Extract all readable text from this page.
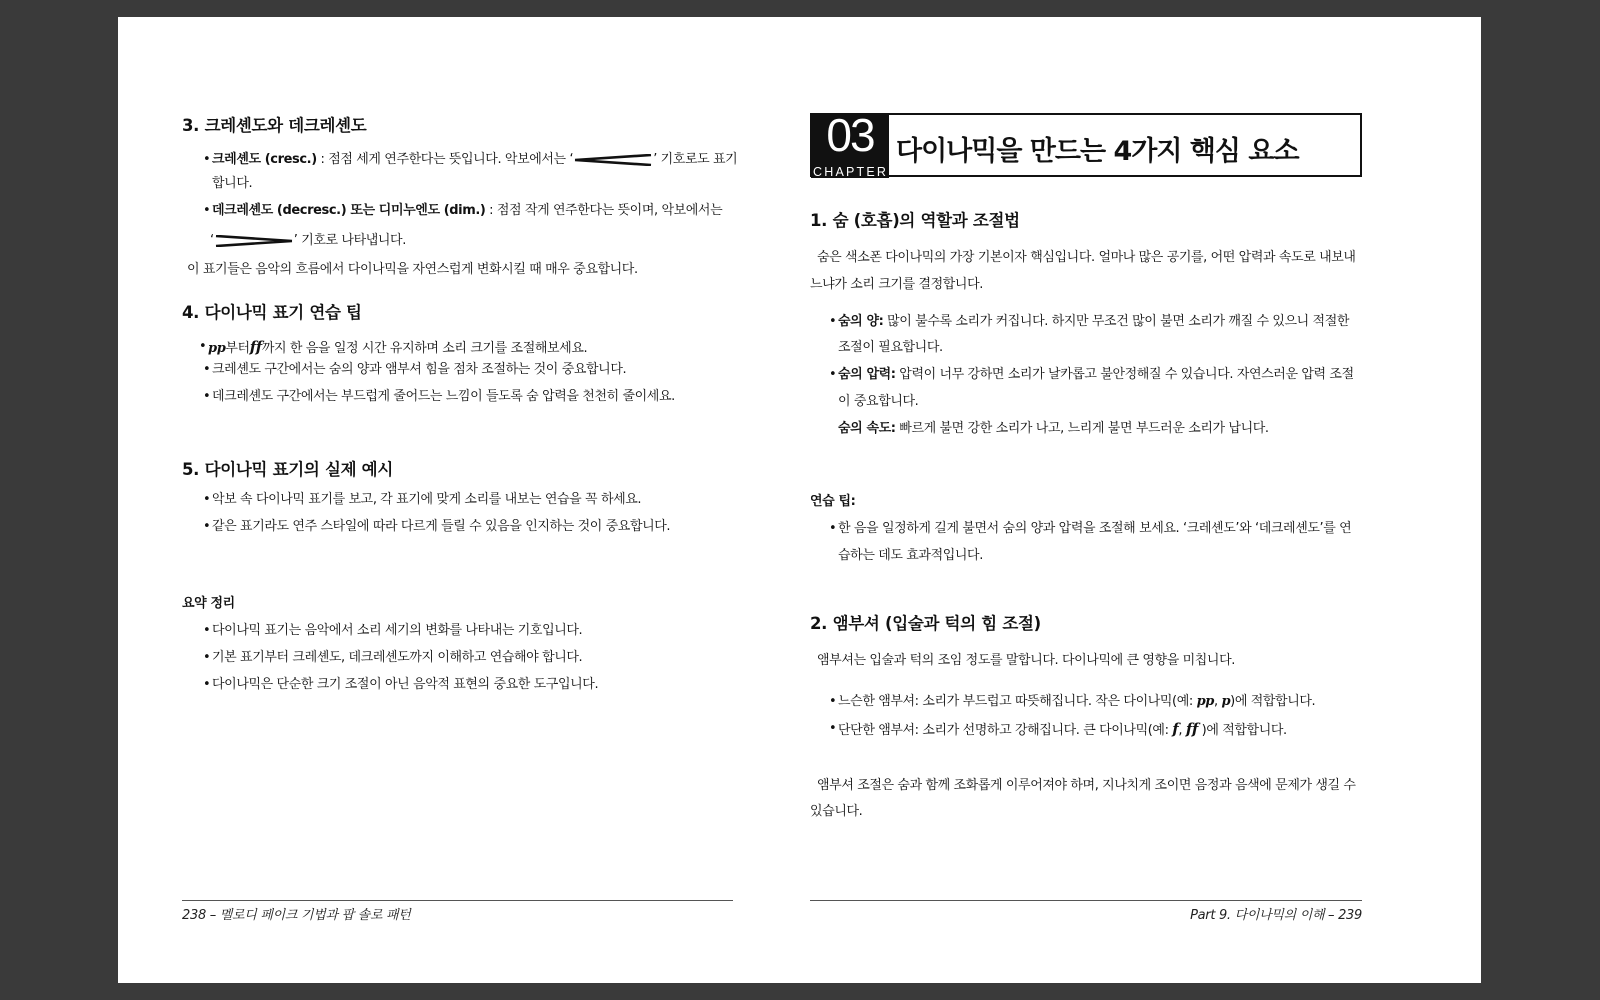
3. 크레셴도와 데크레셴도
• 크레셴도 (cresc.) : 점점 세게 연주한다는 뜻입니다. 악보에서는 ‘	’ 기호로도 표기
합니다.
• 데크레셴도 (decresc.) 또는 디미누엔도 (dim.) : 점점 작게 연주한다는 뜻이며, 악보에서는
‘	’ 기호로 나타냅니다.
이 표기들은 음악의 흐름에서 다이나믹을 자연스럽게 변화시킬 때 매우 중요합니다.
4. 다이나믹 표기 연습 팁
• pp부터ff까지 한 음을 일정 시간 유지하며 소리 크기를 조절해보세요.
• 크레셴도 구간에서는 숨의 양과 앰부셔 힘을 점차 조절하는 것이 중요합니다.
• 데크레셴도 구간에서는 부드럽게 줄어드는 느낌이 들도록 숨 압력을 천천히 줄이세요.
5. 다이나믹 표기의 실제 예시
• 악보 속 다이나믹 표기를 보고, 각 표기에 맞게 소리를 내보는 연습을 꼭 하세요.
• 같은 표기라도 연주 스타일에 따라 다르게 들릴 수 있음을 인지하는 것이 중요합니다.
요약 정리
• 다이나믹 표기는 음악에서 소리 세기의 변화를 나타내는 기호입니다.
• 기본 표기부터 크레셴도, 데크레셴도까지 이해하고 연습해야 합니다.
• 다이나믹은 단순한 크기 조절이 아닌 음악적 표현의 중요한 도구입니다.
238 – 멜로디 페이크 기법과 팝 솔로 패턴
03
CHAPTER
다이나믹을 만드는 4가지 핵심 요소
1. 숨 (호흡)의 역할과 조절법
숨은 색소폰 다이나믹의 가장 기본이자 핵심입니다. 얼마나 많은 공기를, 어떤 압력과 속도로 내보내
느냐가 소리 크기를 결정합니다.
• 숨의 양: 많이 불수록 소리가 커집니다. 하지만 무조건 많이 불면 소리가 깨질 수 있으니 적절한
조절이 필요합니다.
• 숨의 압력: 압력이 너무 강하면 소리가 날카롭고 불안정해질 수 있습니다. 자연스러운 압력 조절
이 중요합니다.
숨의 속도: 빠르게 불면 강한 소리가 나고, 느리게 불면 부드러운 소리가 납니다.
연습 팁:
• 한 음을 일정하게 길게 불면서 숨의 양과 압력을 조절해 보세요. ‘크레셴도’와 ‘데크레셴도’를 연
습하는 데도 효과적입니다.
2. 앰부셔 (입술과 턱의 힘 조절)
앰부셔는 입술과 턱의 조임 정도를 말합니다. 다이나믹에 큰 영향을 미칩니다.
• 느슨한 앰부셔: 소리가 부드럽고 따뜻해집니다. 작은 다이나믹(예: pp, p)에 적합합니다.
• 단단한 앰부셔: 소리가 선명하고 강해집니다. 큰 다이나믹(예: f, ff )에 적합합니다.
앰부셔 조절은 숨과 함께 조화롭게 이루어져야 하며, 지나치게 조이면 음정과 음색에 문제가 생길 수
있습니다.
Part 9. 다이나믹의 이해 – 239
